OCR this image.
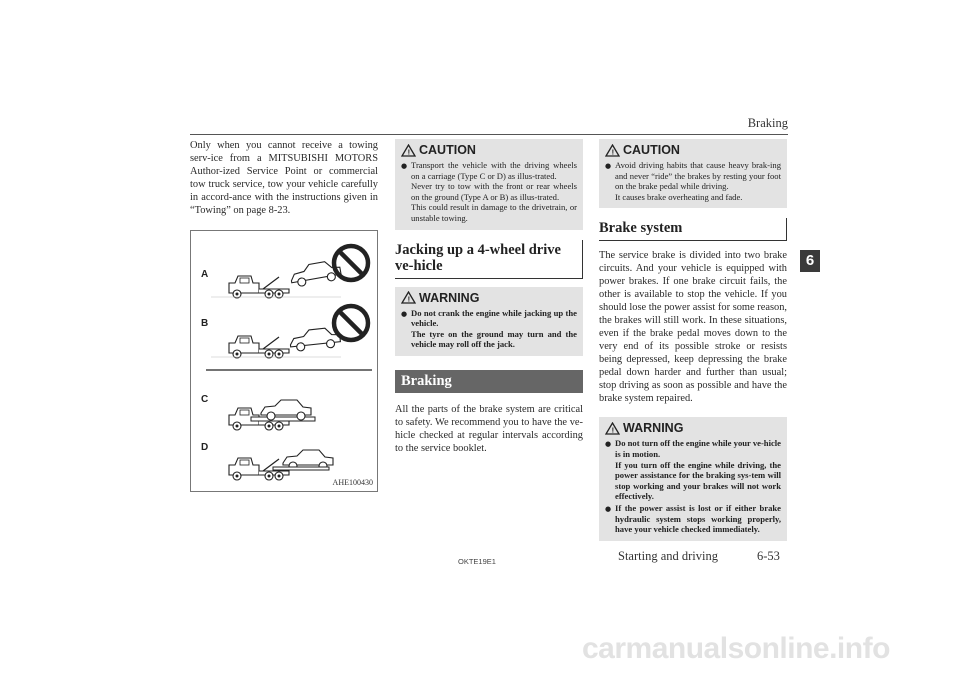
Braking
6

Only when you cannot receive a towing serv-ice from a MITSUBISHI MOTORS Author-ized Service Point or commercial tow truck service, tow your vehicle carefully in accord-ance with the instructions given in “Towing” on page 8-23.

A
B
C
D
AHE100430
! CAUTION
● Transport the vehicle with the driving wheels on a carriage (Type C or D) as illus-trated.

Never try to tow with the front or rear wheels on the ground (Type A or B) as illus-trated.

This could result in damage to the drivetrain, or unstable towing.

Jacking up a 4-wheel drive ve-hicle
! WARNING
● Do not crank the engine while jacking up the vehicle.

The tyre on the ground may turn and the vehicle may roll off the jack.

Braking

All the parts of the brake system are critical to safety. We recommend you to have the ve-hicle checked at regular intervals according to the service booklet.

! CAUTION
● Avoid driving habits that cause heavy brak-ing and never “ride” the brakes by resting your foot on the brake pedal while driving.

It causes brake overheating and fade.

Brake system

The service brake is divided into two brake circuits. And your vehicle is equipped with power brakes. If one brake circuit fails, the other is available to stop the vehicle. If you should lose the power assist for some reason, the brakes will still work. In these situations, even if the brake pedal moves down to the very end of its possible stroke or resists being depressed, keep depressing the brake pedal down harder and further than usual; stop driving as soon as possible and have the brake system repaired.

! WARNING
● Do not turn off the engine while your ve-hicle is in motion.

If you turn off the engine while driving, the power assistance for the braking sys-tem will stop working and your brakes will not work effectively.

● If the power assist is lost or if either brake hydraulic system stops working properly, have your vehicle checked immediately.

OKTE19E1	Starting and driving	6-53
carmanualsonline.info
